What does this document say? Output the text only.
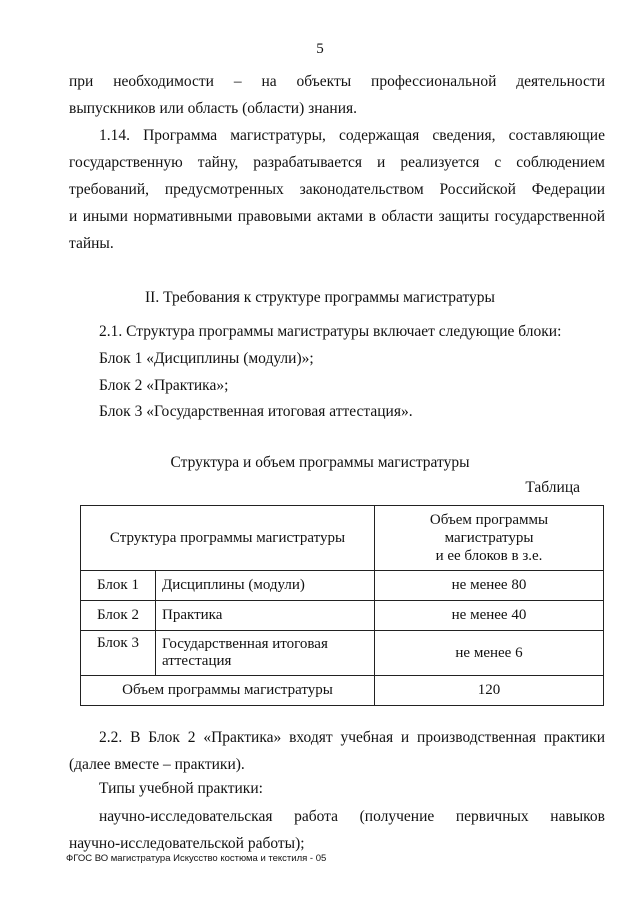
5
при необходимости – на объекты профессиональной деятельности
выпускников или область (области) знания.
1.14. Программа магистратуры, содержащая сведения, составляющие
государственную тайну, разрабатывается и реализуется с соблюдением
требований, предусмотренных законодательством Российской Федерации
и иными нормативными правовыми актами в области защиты государственной
тайны.
II. Требования к структуре программы магистратуры
2.1. Структура программы магистратуры включает следующие блоки:
Блок 1 «Дисциплины (модули)»;
Блок 2 «Практика»;
Блок 3 «Государственная итоговая аттестация».
Структура и объем программы магистратуры
Таблица
Структура программы магистратуры		Объем программы
магистратуры
и ее блоков в з.е.
Блок 1	Дисциплины (модули)	не менее 80
Блок 2	Практика	не менее 40
Блок 3	Государственная итоговая аттестация	не менее 6
Объем программы магистратуры		120
2.2. В Блок 2 «Практика» входят учебная и производственная практики
(далее вместе – практики).
Типы учебной практики:
научно-исследовательская работа (получение первичных навыков
научно-исследовательской работы);
ФГОС ВО магистратура Искусство костюма и текстиля - 05
